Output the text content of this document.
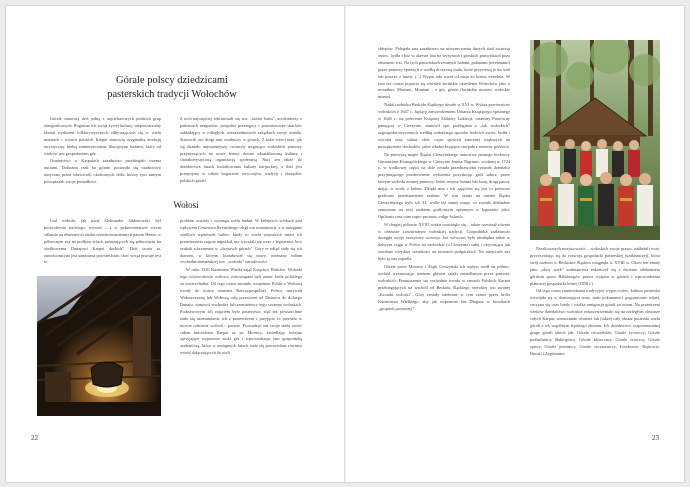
Górale polscy dziedzicami
pasterskich tradycji Wołochów

Górale stanowią dziś jedną z najciekawszych polskich grup etnograficznych. Rogiutno ich wciąż żywej kultury, niepowtarzalny klimat wydarzeń folklorystycznych odbywających się w wielu miastach i wsiach polskich Karpat stanowią oryginalną atrakcję turystyczną, budzą zainteresowanie filacyjnymi badami, który od wieków jest gospodarzem gór.

Osadnictwo w Karpatach zasadniczo przebiegało trzema nurtami. Dolinami rzek ku górom posuwało się osadnictwo nasycone przez właścicieli okolicznych dóbr, którzy tym samym powiększali swoje posiadłości.

Z nich najczęściej rekrutowali się tzw. „ludzie luźni”, uciekinierzy z państwach magnatów, pospolici przestępcy i poszukiwacze skarbów zakładający w odległych, niezaludnionych zakątkach swoje osiedla. Stanowili oni drugi nurt osadniczy w górach. Z kolei trzeci nurt, jak się okazało najważniejszy, tworzyły migrujące wołoskich pasterzy przynoszących na nowe tereny dawne ukształtowaną kulturę i charakterystyczną organizację społeczną. Nurt ten także do dziedzictwa lasach kształtowania kultury karpackiej, a dziś jest przepojony w całym bogactwie zwyczajów, tradycji i obrzędów polskich górali.

Wołosi

Lud wołoski, jak pisał Aleksander Jabłonowski, był pochodzenia trackiego, wywód „...) w pokrewieństwie swym odlamie na obszernych zboku szerokorozmiennych pasem Hemu, w północnym zaś na podłyżu ściach zaturzających się północnym ku środkowemu Dunajowi Karpat dackich”. Dziś teoria ta, autochtoniczna jest uznawana powszechnie, choć wciąż pracuje jest to

problem otwarty i wymaga wielu badań. W kolejnych wiekach pod wpływem Cesarstwa Rzymskiego uległ oni romanizacji, a w następnie wielkich wędrówek ludów, kiedy to wielu rzymskich miast ich przeniesienia zajęcie napotkał, nie wycofali się wraz z legionami, lecz szukali schronienia w „dzyszych górach”. Góry te odtąd stały się ich domem, w którym kształtował się nowy, nieznany odłam wschodnioromańskiej tzw. „wołoski” narodowości.

W roku 1330 Kazimierz Wielki zajął Księstwo Halickie. Wołoski tego wojewodowie wołoscy zobowiązani byli uznać króla polskiego za zwierzchnika. Od tego czasu stosunki wzajemne Polski z Wołoszą trwały do końca istnienia Rzeczypospolitej. Polscy nazywali Wołoszczyzną lub Wołoszą całą przestrzeń od Dniestru do dolnego Dunaju, stanowił wschodzy lub rzemieśnicy tego szczepu wołoskich. Podstawowym ich zajęciem było pasterstwo, stąd też powszechnie stało się utożsamianie ich z pasterstwem i przyjęcie to przeszło w mowie cżmienie wołoch – pasterz. Prowadząć oni swoje stada owiec całym łańcuchem Karpat aż po Morawy, zasiedlając kolejno opisyjające wypasowe stoki gór i wprowadzając tam gospodarkę szałaśniczą, która w następnych latach stała się powszechna również wśród dołączających do nich

22

chłopów. Polegała ona zasadniczo na utrzymywaniu dużych stad zwierząt owiec, bydła i kóz w okresie lata na wyżynach i górskich pastwiskach poza obszarem wsi. Na tych pastwiskach zwanych halami, polanami (terebinami) przez pasterzy spieszyli z wielką drożyzną stada, które przywiezą je ku stali lub jeszcze z lasów. (...) Wypas taki trwał od maja do końca września. W tym też czasie pojawia się również łacińskie określenie Wołochów jako a montibus, Montani, Montani – z gór, górale (łacińskie montes, wołoskie munte).

Nadal rozbioku Beskidu Śląskiego doszło w XVI w. Wykaz powiernictw wołoskich z 1647 r., będący zatwierdzeniem Urbarza Książęcego spisanego w 1646 r., na polecenie Księżnej Elżbiety Lukrecji, ostatniej Piastówny panującej w Cieszynie, stanowił spis podlegania z „tak wołoskich” zagospodarowywanych według wałaskiego sposobu hodowli owiec, bydła i wyrobu sera, sukna, skór, czym spośród znacznej większych na powiększenie dochodów, jakie władza książęca czerpała z terenów górskich.

Na pierwszą mapie Śląska Cieszyńskiego autorstwa znanego hodowcy Gimnazjum Ewangelickiego w Cieszynie Jonasa Nigrinus, wydanej w 1724 r., w środkowej części na dole została przedstawiona rysunek dziedzica przyjmującego pozdrowienie wyłożenia pozyskując gród sałacz, przez którym wołoski zwanej pasterzy. Jeden trzyma barana lub kozę, drugi patrzy mając w wody z kołem. Dzięki nim i ich zajęciem się jest to pierwsze graficzne przedstawienie szałasu. W tym czasie na terenie Śląska Cieszyńskiego było ich 31, wolle też samej mapy, co zostało dokładnie oznaczone na niej znakiem graficznym opisanym w legendzie jako: Opilionis casa cum capro pecuario vulgo Salasch.

W drugiej połowie XVIII wieku rozwinęło się – także rozwinął równie w obszarze zostawionym wołoskiej tradycji. Gospodarka szałaśnicza dosięgła swoje szczytowe rozwoju. Już wówczas była niezbędna także w dalszym ciągu w Polsce na zachodzie (o Cieszynie) całej i okrywająca jak zasobnie wiejskiej szerokości na terenach podgórskich. Na miejscach zaś było ją ona zapadla.

Górale przez Morawy i Śląsk Cieszyński ich wpływ szedł na północ, zachód wyznaczając terenem główne szlaki zasiedlonym przez pasterzy wołoskich. Przenoszenie się zachodnie trwało w ramach Polskich Karpat przebiegających na wschód od Beskidu Śląskiego szerokiej wsi zwanej „Kroniki wołoski”. Góry zostały odebrane w tym czasie przez króla Kazimierza Wielkiego, aby jak wspomina Jan Długosz w kronikach „gospitek przymusy”.

Niezliczonych miejscowości – wołoskich swoje prawo, zakładali wsie, przyczyniając się do rozwoju gospodarki pasterskiej (szałaśniczej), która swój rozkwit w Beskidzie Śląskim osiągnęła w XVIII w. Okres ten znany jako „złoty wiek” szałaśnictwa zakończył się z dwiema odebraniem górskim przez Habsburgów prawa wypasu w górach i wprowadzenia planowej gospodarki leśnej (1858 r.).

Od tego czasu zamieszkania tradycyjny wypas owiec, kultura pasterska rozwijała się w dominującej teraz, stało pokarmem i pogranicznie rolnej, zaczyna się czas biedy i wielka emigracja górali za ocean. Na przestrzeni wieków dziedzictwo wołoskie rozprzestrzeniało się na rozległym obszarze całych Karpat, wzmocniało również lub (także) cały obszar pasterski wielu górali z ich wspólnym śląskiego obszaru. Ich dziedzictwo rozpoznawalnej grupy górali takich jak: Górale cieszyńskie, Górale żywieccy, Górale podhalańscy, Babiogórcy, Górale kliszczacy, Górale orawscy, Górale spiscy, Górale pienińscy, Górale szczawniccy, Łemkowie, Bojkowie, Huculi i Zagórzanie.

23
